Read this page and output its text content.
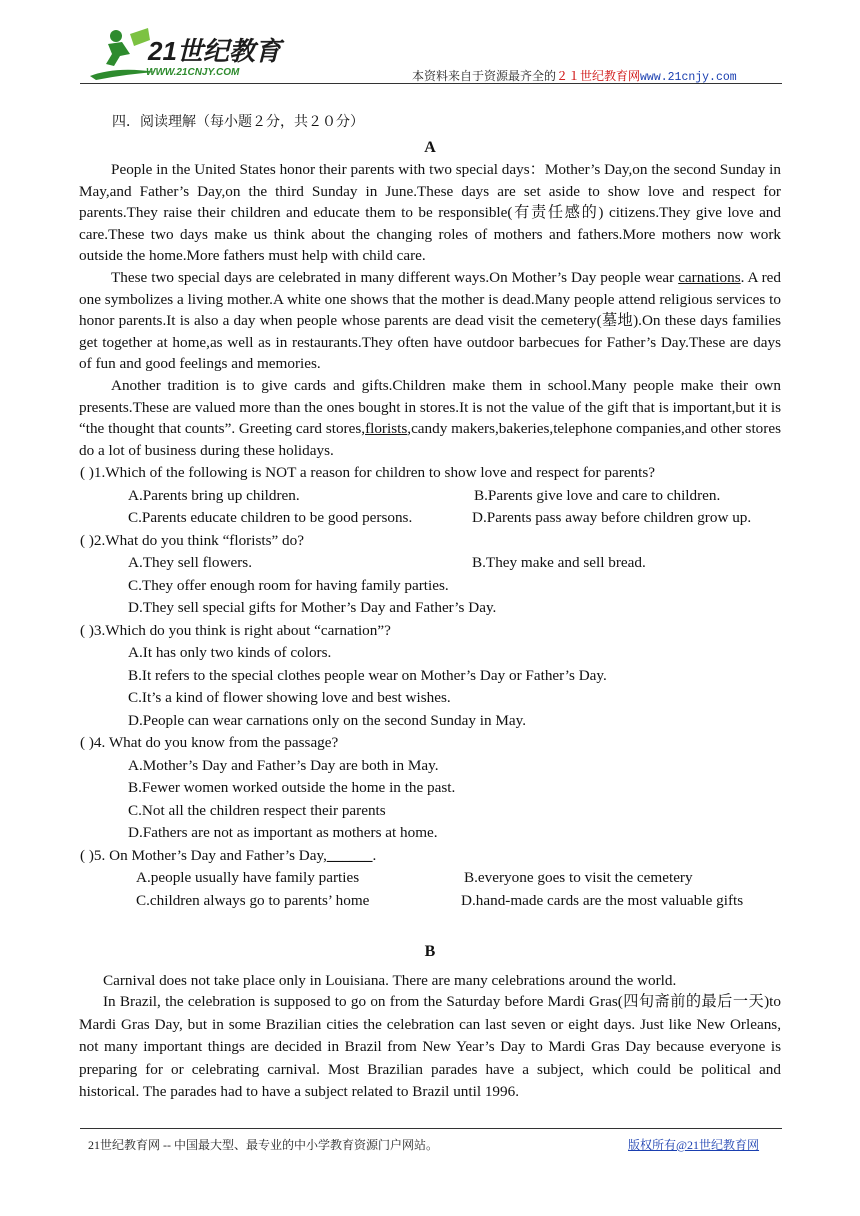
21世纪教育
WWW.21CNJY.COM	本资料来自于资源最齐全的２１世纪教育网www.21cnjy.com
四．阅读理解（每小题２分，共２０分）
A
People in the United States honor their parents with two special days：Mother’s Day,on the second Sunday in May,and Father’s Day,on the third Sunday in June.These days are set aside to show love and respect for parents.They raise their children and educate them to be responsible(有责任感的) citizens.They give love and care.These two days make us think about the changing roles of mothers and fathers.More mothers now work outside the home.More fathers must help with child care.
These two special days are celebrated in many different ways.On Mother’s Day people wear carnations. A red one symbolizes a living mother.A white one shows that the mother is dead.Many people attend religious services to honor parents.It is also a day when people whose parents are dead visit the cemetery(墓地).On these days families get together at home,as well as in restaurants.They often have outdoor barbecues for Father’s Day.These are days of fun and good feelings and memories.
Another tradition is to give cards and gifts.Children make them in school.Many people make their own presents.These are valued more than the ones bought in stores.It is not the value of the gift that is important,but it is “the thought that counts”. Greeting card stores,florists,candy makers,bakeries,telephone companies,and other stores do a lot of business during these holidays.
( )1.Which of the following is NOT a reason for children to show love and respect for parents?
A.Parents bring up children.	B.Parents give love and care to children.
C.Parents educate children to be good persons.	D.Parents pass away before children grow up.
( )2.What do you think “florists” do?
A.They sell flowers.	B.They make and sell bread.
C.They offer enough room for having family parties.
D.They sell special gifts for Mother’s Day and Father’s Day.
( )3.Which do you think is right about “carnation”?
A.It has only two kinds of colors.
B.It refers to the special clothes people wear on Mother’s Day or Father’s Day.
C.It’s a kind of flower showing love and best wishes.
D.People can wear carnations only on the second Sunday in May.
( )4. What do you know from the passage?
A.Mother’s Day and Father’s Day are both in May.
B.Fewer women worked outside the home in the past.
C.Not all the children respect their parents
D.Fathers are not as important as mothers at home.
( )5. On Mother’s Day and Father’s Day,______.
A.people usually have family parties	B.everyone goes to visit the cemetery
C.children always go to parents’ home	D.hand-made cards are the most valuable gifts
B
Carnival does not take place only in Louisiana. There are many celebrations around the world.
In Brazil, the celebration is supposed to go on from the Saturday before Mardi Gras(四旬斋前的最后一天)to Mardi Gras Day, but in some Brazilian cities the celebration can last seven or eight days. Just like New Orleans, not many important things are decided in Brazil from New Year’s Day to Mardi Gras Day because everyone is preparing for or celebrating carnival. Most Brazilian parades have a subject, which could be political and historical. The parades had to have a subject related to Brazil until 1996.
21世纪教育网 -- 中国最大型、最专业的中小学教育资源门户网站。	版权所有@21世纪教育网
